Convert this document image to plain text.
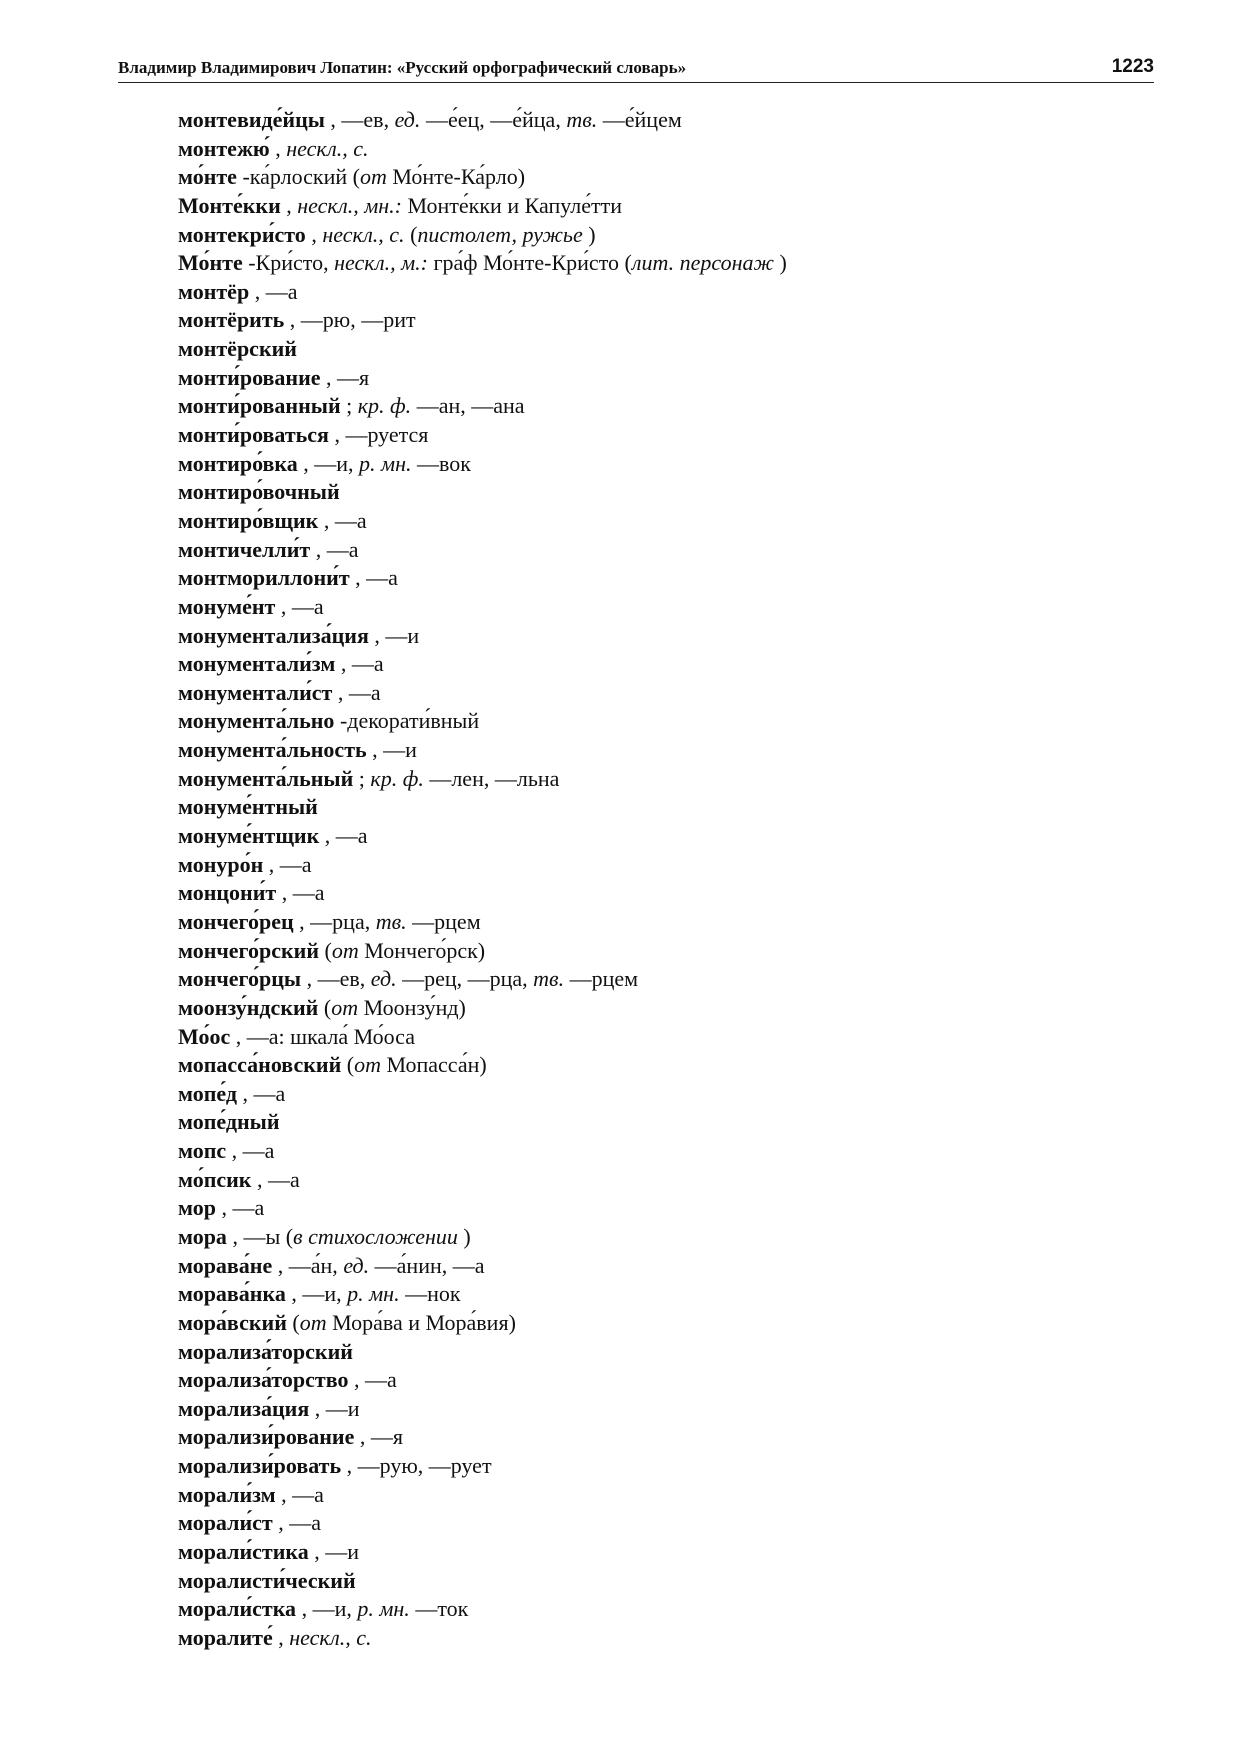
Владимир Владимирович Лопатин: «Русский орфографический словарь»	1223
монтевиде́йцы , —ев, ед. —е́ец, —е́йца, тв. —е́йцем
монтежю́ , нескл., с.
мо́нте -ка́рлоский (от Мо́нте-Ка́рло)
Монте́кки , нескл., мн.: Монте́кки и Капуле́тти
монтекри́сто , нескл., с. (пистолет, ружье )
Мо́нте -Кри́сто, нескл., м.: гра́ф Мо́нте-Кри́сто (лит. персонаж )
монтёр , —а
монтёрить , —рю, —рит
монтёрский
монти́рование , —я
монти́рованный ; кр. ф. —ан, —ана
монти́роваться , —руется
монтиро́вка , —и, р. мн. —вок
монтиро́вочный
монтиро́вщик , —а
монтичелли́т , —а
монтмориллони́т , —а
монуме́нт , —а
монументализа́ция , —и
монументали́зм , —а
монументали́ст , —а
монумента́льно -декорати́вный
монумента́льность , —и
монумента́льный ; кр. ф. —лен, —льна
монуме́нтный
монуме́нтщик , —а
монуро́н , —а
монцони́т , —а
мончего́рец , —рца, тв. —рцем
мончего́рский (от Мончего́рск)
мончего́рцы , —ев, ед. —рец, —рца, тв. —рцем
моонзу́ндский (от Моонзу́нд)
Мо́ос , —а: шкала́ Мо́оса
мопасса́новский (от Мопасса́н)
мопе́д , —а
мопе́дный
мопс , —а
мо́псик , —а
мор , —а
мора , —ы (в стихосложении )
морава́не , —а́н, ед. —а́нин, —а
морава́нка , —и, р. мн. —нок
мора́вский (от Мора́ва и Мора́вия)
морализа́торский
морализа́торство , —а
морализа́ция , —и
морализи́рование , —я
морализи́ровать , —рую, —рует
морали́зм , —а
морали́ст , —а
морали́стика , —и
моралисти́ческий
морали́стка , —и, р. мн. —ток
моралите́ , нескл., с.
